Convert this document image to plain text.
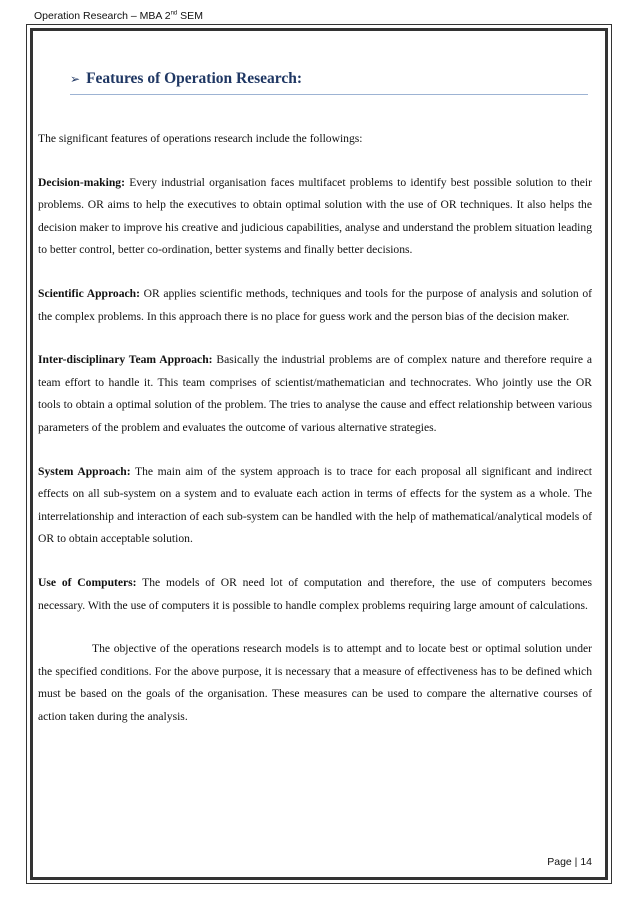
Operation Research – MBA 2nd SEM
➢ Features of Operation Research:

The significant features of operations research include the followings:

Decision-making: Every industrial organisation faces multifacet problems to identify best possible solution to their problems. OR aims to help the executives to obtain optimal solution with the use of OR techniques. It also helps the decision maker to improve his creative and judicious capabilities, analyse and understand the problem situation leading to better control, better co-ordination, better systems and finally better decisions.

Scientific Approach: OR applies scientific methods, techniques and tools for the purpose of analysis and solution of the complex problems. In this approach there is no place for guess work and the person bias of the decision maker.

Inter-disciplinary Team Approach: Basically the industrial problems are of complex nature and therefore require a team effort to handle it. This team comprises of scientist/mathematician and technocrates. Who jointly use the OR tools to obtain a optimal solution of the problem. The tries to analyse the cause and effect relationship between various parameters of the problem and evaluates the outcome of various alternative strategies.

System Approach: The main aim of the system approach is to trace for each proposal all significant and indirect effects on all sub-system on a system and to evaluate each action in terms of effects for the system as a whole. The interrelationship and interaction of each sub-system can be handled with the help of mathematical/analytical models of OR to obtain acceptable solution.

Use of Computers: The models of OR need lot of computation and therefore, the use of computers becomes necessary. With the use of computers it is possible to handle complex problems requiring large amount of calculations.

The objective of the operations research models is to attempt and to locate best or optimal solution under the specified conditions. For the above purpose, it is necessary that a measure of effectiveness has to be defined which must be based on the goals of the organisation. These measures can be used to compare the alternative courses of action taken during the analysis.

Page | 14
